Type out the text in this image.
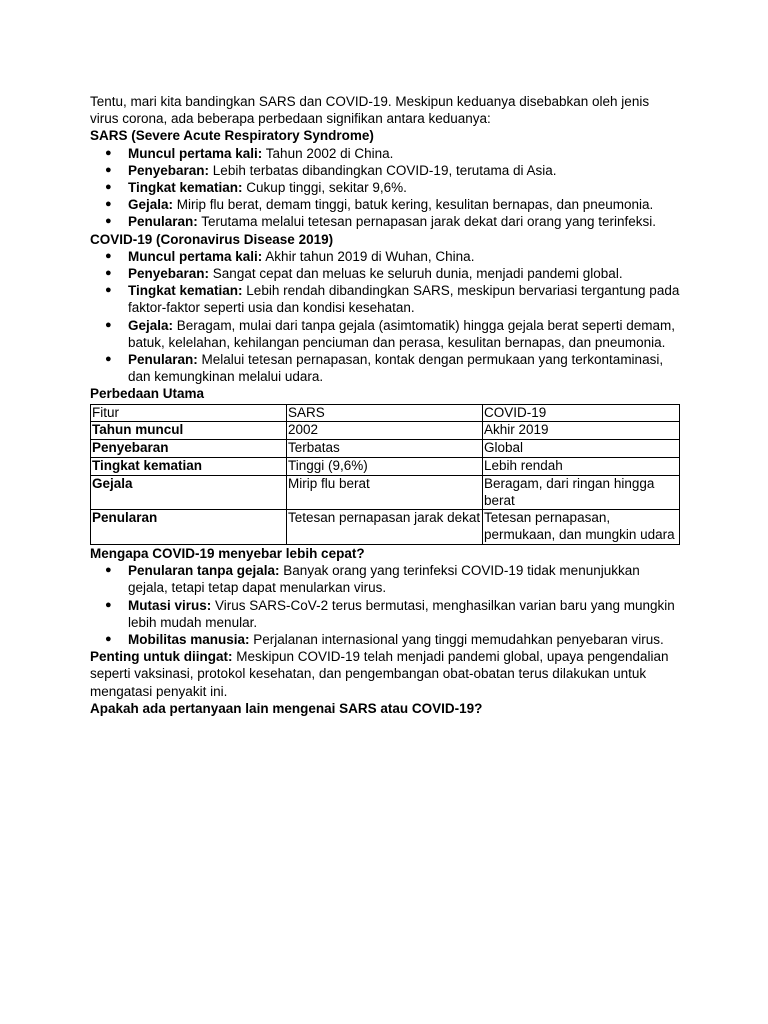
Tentu, mari kita bandingkan SARS dan COVID-19. Meskipun keduanya disebabkan oleh jenis virus corona, ada beberapa perbedaan signifikan antara keduanya:

SARS (Severe Acute Respiratory Syndrome)

● Muncul pertama kali: Tahun 2002 di China.
● Penyebaran: Lebih terbatas dibandingkan COVID-19, terutama di Asia.
● Tingkat kematian: Cukup tinggi, sekitar 9,6%.
● Gejala: Mirip flu berat, demam tinggi, batuk kering, kesulitan bernapas, dan pneumonia.
● Penularan: Terutama melalui tetesan pernapasan jarak dekat dari orang yang terinfeksi.

COVID-19 (Coronavirus Disease 2019)

● Muncul pertama kali: Akhir tahun 2019 di Wuhan, China.
● Penyebaran: Sangat cepat dan meluas ke seluruh dunia, menjadi pandemi global.
● Tingkat kematian: Lebih rendah dibandingkan SARS, meskipun bervariasi tergantung pada faktor-faktor seperti usia dan kondisi kesehatan.
● Gejala: Beragam, mulai dari tanpa gejala (asimtomatik) hingga gejala berat seperti demam, batuk, kelelahan, kehilangan penciuman dan perasa, kesulitan bernapas, dan pneumonia.
● Penularan: Melalui tetesan pernapasan, kontak dengan permukaan yang terkontaminasi, dan kemungkinan melalui udara.

Perbedaan Utama

Fitur	SARS	COVID-19
Tahun muncul	2002	Akhir 2019
Penyebaran	Terbatas	Global
Tingkat kematian	Tinggi (9,6%)	Lebih rendah
Gejala	Mirip flu berat	Beragam, dari ringan hingga berat
Penularan	Tetesan pernapasan jarak dekat	Tetesan pernapasan, permukaan, dan mungkin udara

Mengapa COVID-19 menyebar lebih cepat?

● Penularan tanpa gejala: Banyak orang yang terinfeksi COVID-19 tidak menunjukkan gejala, tetapi tetap dapat menularkan virus.
● Mutasi virus: Virus SARS-CoV-2 terus bermutasi, menghasilkan varian baru yang mungkin lebih mudah menular.
● Mobilitas manusia: Perjalanan internasional yang tinggi memudahkan penyebaran virus.

Penting untuk diingat: Meskipun COVID-19 telah menjadi pandemi global, upaya pengendalian seperti vaksinasi, protokol kesehatan, dan pengembangan obat-obatan terus dilakukan untuk mengatasi penyakit ini.

Apakah ada pertanyaan lain mengenai SARS atau COVID-19?
